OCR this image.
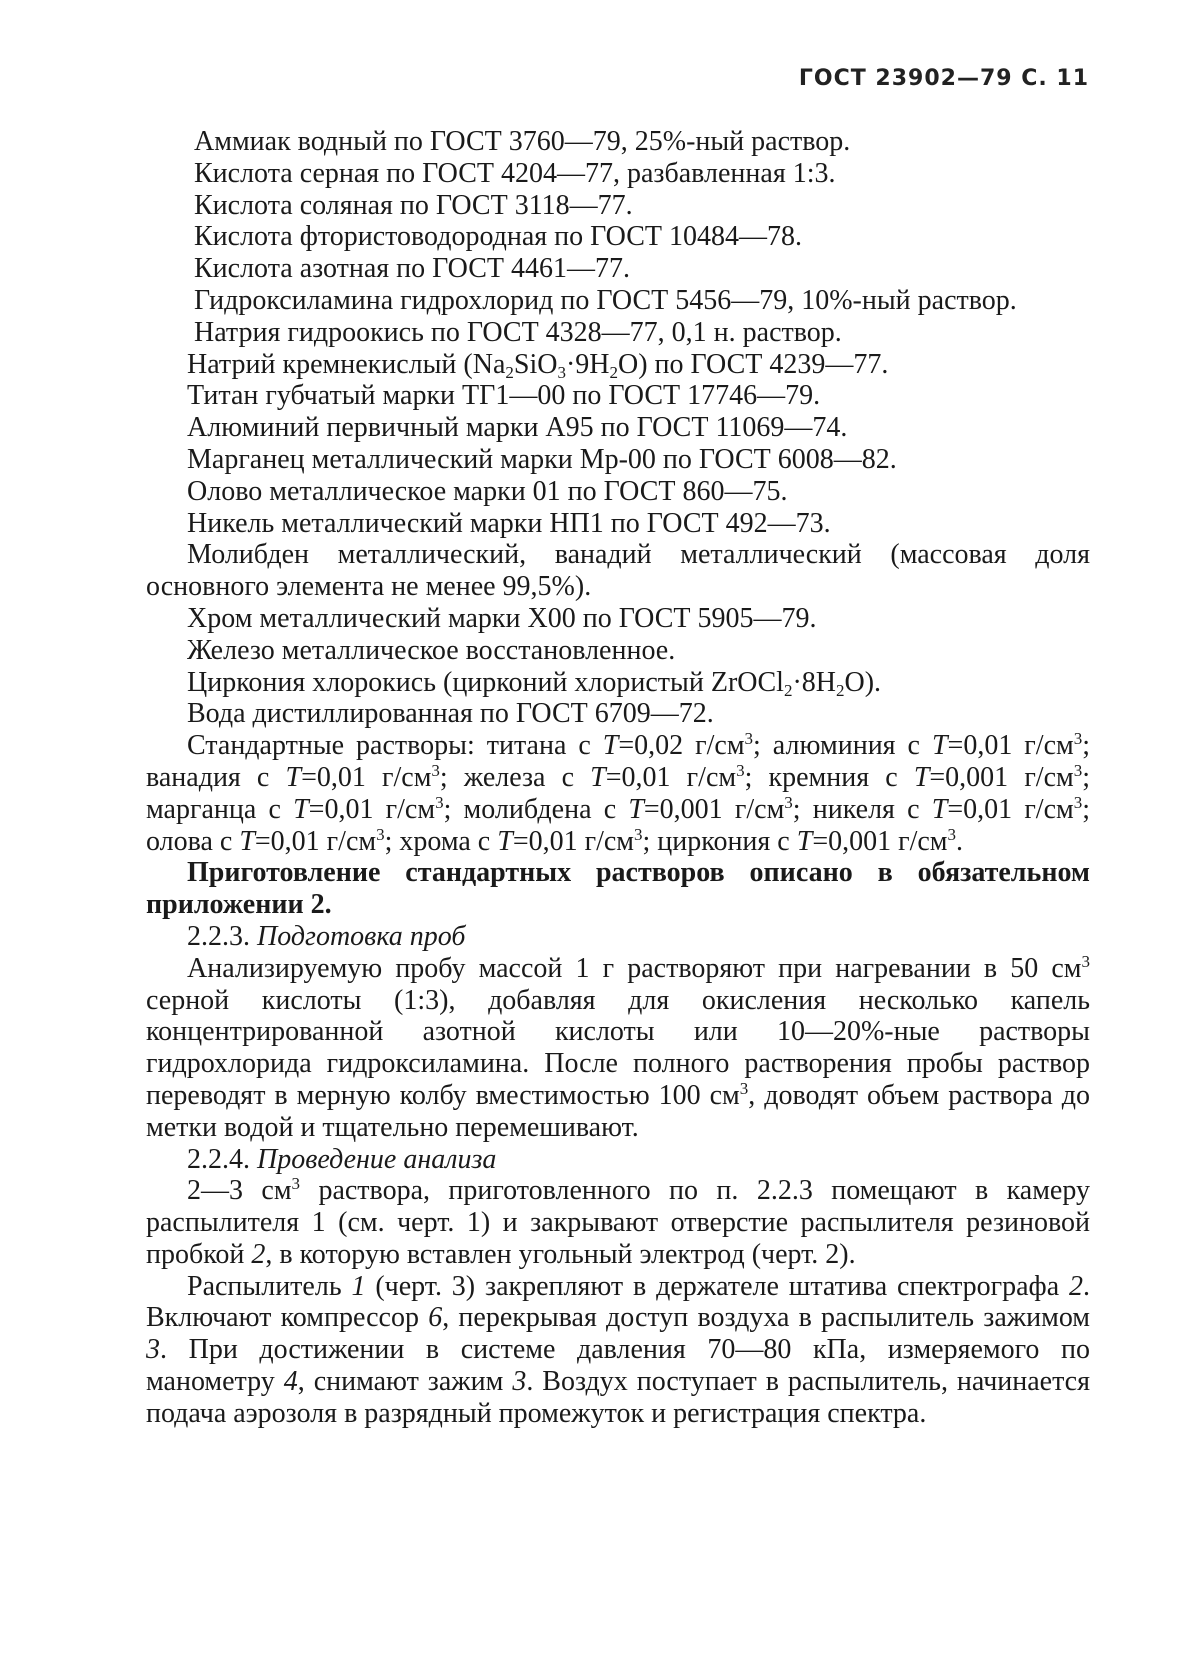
ГОСТ 23902—79 С. 11

Аммиак водный по ГОСТ 3760—79, 25%-ный раствор.

Кислота серная по ГОСТ 4204—77, разбавленная 1:3.

Кислота соляная по ГОСТ 3118—77.

Кислота фтористоводородная по ГОСТ 10484—78.

Кислота азотная по ГОСТ 4461—77.

Гидроксиламина гидрохлорид по ГОСТ 5456—79, 10%-ный раствор.

Натрия гидроокись по ГОСТ 4328—77, 0,1 н. раствор.

Натрий кремнекислый $(Na_2SiO_3\cdot 9H_2O)$ по ГОСТ 4239—77.

Титан губчатый марки ТГ1—00 по ГОСТ 17746—79.

Алюминий первичный марки А95 по ГОСТ 11069—74.

Марганец металлический марки Мр-00 по ГОСТ 6008—82.

Олово металлическое марки 01 по ГОСТ 860—75.

Никель металлический марки НП1 по ГОСТ 492—73.

Молибден металлический, ванадий металлический (массовая доля основного элемента не менее 99,5%).

Хром металлический марки Х00 по ГОСТ 5905—79.

Железо металлическое восстановленное.

Циркония хлорокись (цирконий хлористый $ZrOCl_2\cdot 8H_2O$).

Вода дистиллированная по ГОСТ 6709—72.

Стандартные растворы: титана с T=0,02 $г/см^3$; алюминия с T=0,01 $г/см^3$; ванадия с T=0,01 $г/см^3$; железа с T=0,01 $г/см^3$; кремния с T=0,001 $г/см^3$; марганца с T=0,01 $г/см^3$; молибдена с T=0,001 $г/см^3$; никеля с T=0,01 $г/см^3$; олова с T=0,01 $г/см^3$; хрома с T=0,01 $г/см^3$; циркония с T=0,001 $г/см^3$.

Приготовление стандартных растворов описано в обязательном приложении 2.

2.2.3. Подготовка проб

Анализируемую пробу массой 1 г растворяют при нагревании в 50 $см^3$ серной кислоты (1:3), добавляя для окисления несколько капель концентрированной азотной кислоты или 10—20%-ные растворы гидрохлорида гидроксиламина. После полного растворения пробы раствор переводят в мерную колбу вместимостью 100 $см^3$, доводят объем раствора до метки водой и тщательно перемешивают.

2.2.4. Проведение анализа

2—3 $см^3$ раствора, приготовленного по п. 2.2.3 помещают в камеру распылителя 1 (см. черт. 1) и закрывают отверстие распылителя резиновой пробкой 2, в которую вставлен угольный электрод (черт. 2).

Распылитель 1 (черт. 3) закрепляют в держателе штатива спектрографа 2. Включают компрессор 6, перекрывая доступ воздуха в распылитель зажимом 3. При достижении в системе давления 70—80 кПа, измеряемого по манометру 4, снимают зажим 3. Воздух поступает в распылитель, начинается подача аэрозоля в разрядный промежуток и регистрация спектра.
